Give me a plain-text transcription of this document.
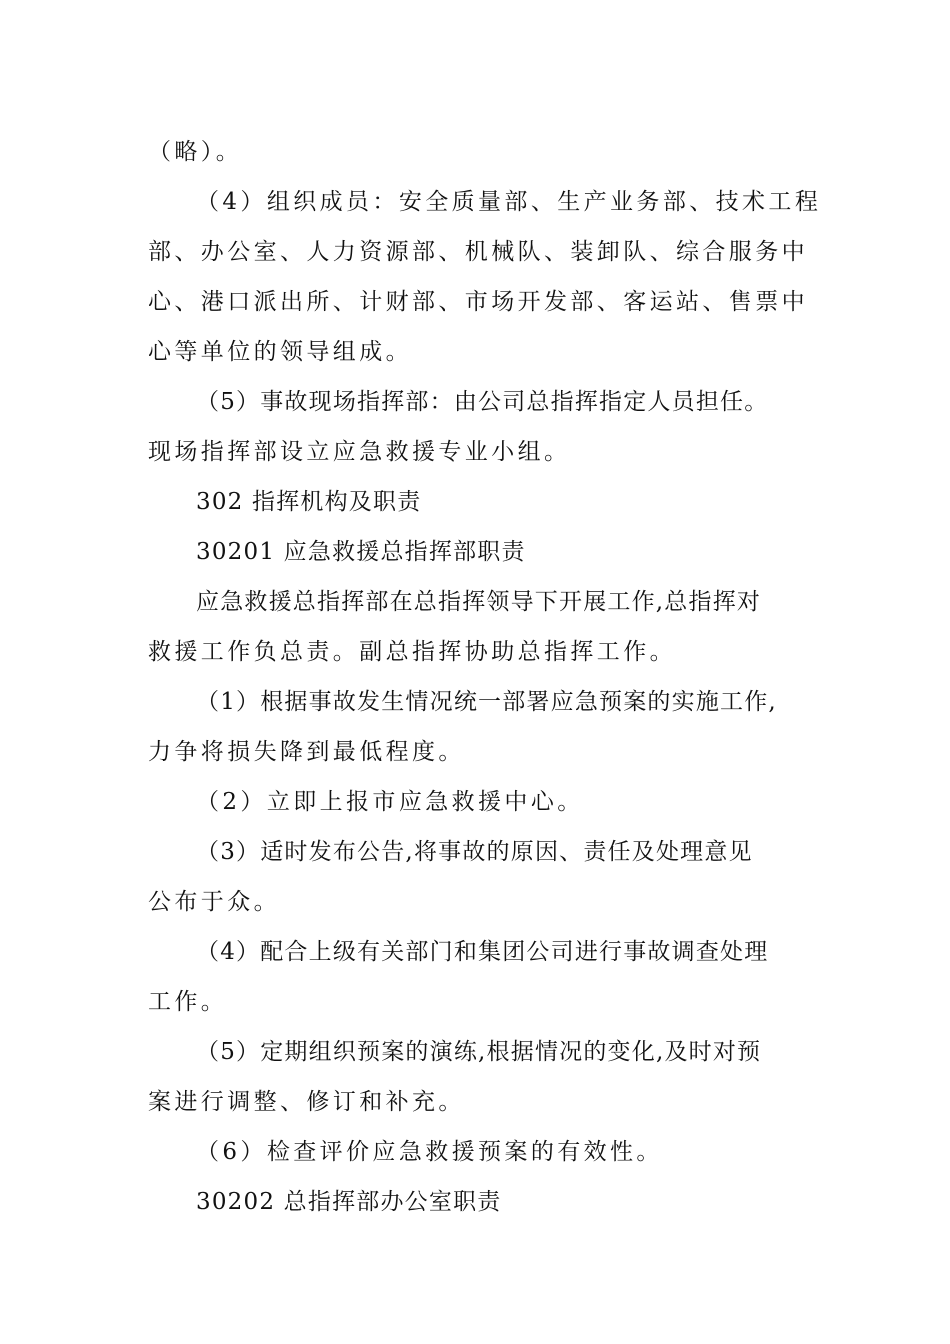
（略）。
（4）组织成员：安全质量部、生产业务部、技术工程
部、办公室、人力资源部、机械队、装卸队、综合服务中
心、港口派出所、计财部、市场开发部、客运站、售票中
心等单位的领导组成。
（5）事故现场指挥部：由公司总指挥指定人员担任。
现场指挥部设立应急救援专业小组。
302 指挥机构及职责
30201 应急救援总指挥部职责
应急救援总指挥部在总指挥领导下开展工作,总指挥对
救援工作负总责。副总指挥协助总指挥工作。
（1）根据事故发生情况统一部署应急预案的实施工作,
力争将损失降到最低程度。
（2）立即上报市应急救援中心。
（3）适时发布公告,将事故的原因、责任及处理意见
公布于众。
（4）配合上级有关部门和集团公司进行事故调查处理
工作。
（5）定期组织预案的演练,根据情况的变化,及时对预
案进行调整、修订和补充。
（6）检查评价应急救援预案的有效性。
30202 总指挥部办公室职责
